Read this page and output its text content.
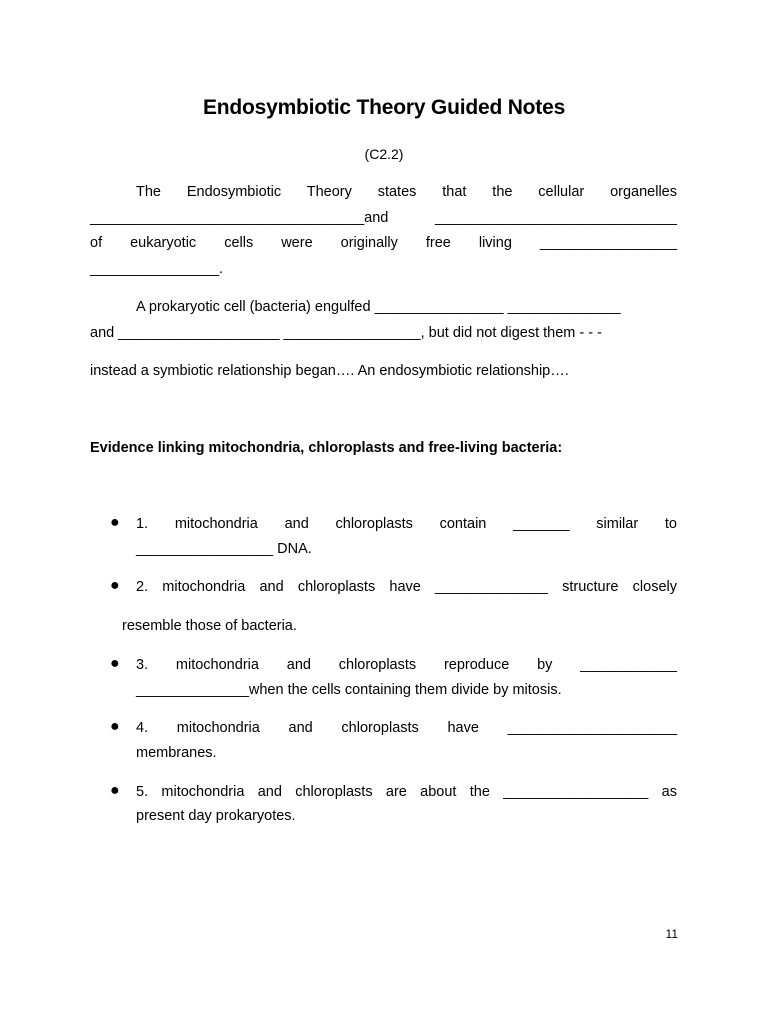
Endosymbiotic Theory Guided Notes
(C2.2)
The Endosymbiotic Theory states that the cellular organelles
__________________________________and ______________________________
of eukaryotic cells were originally free living _________________
________________.
A prokaryotic cell (bacteria) engulfed ________________ ______________
and ____________________ _________________, but did not digest them - - -
instead a symbiotic relationship began…. An endosymbiotic relationship….
Evidence linking mitochondria, chloroplasts and free-living bacteria:
● 1. mitochondria and chloroplasts contain _______ similar to
_________________ DNA.
● 2. mitochondria and chloroplasts have ______________ structure closely
resemble those of bacteria.
● 3. mitochondria and chloroplasts reproduce by ____________
______________when the cells containing them divide by mitosis.
● 4. mitochondria and chloroplasts have _____________________
membranes.
● 5. mitochondria and chloroplasts are about the __________________ as
present day prokaryotes.
11
